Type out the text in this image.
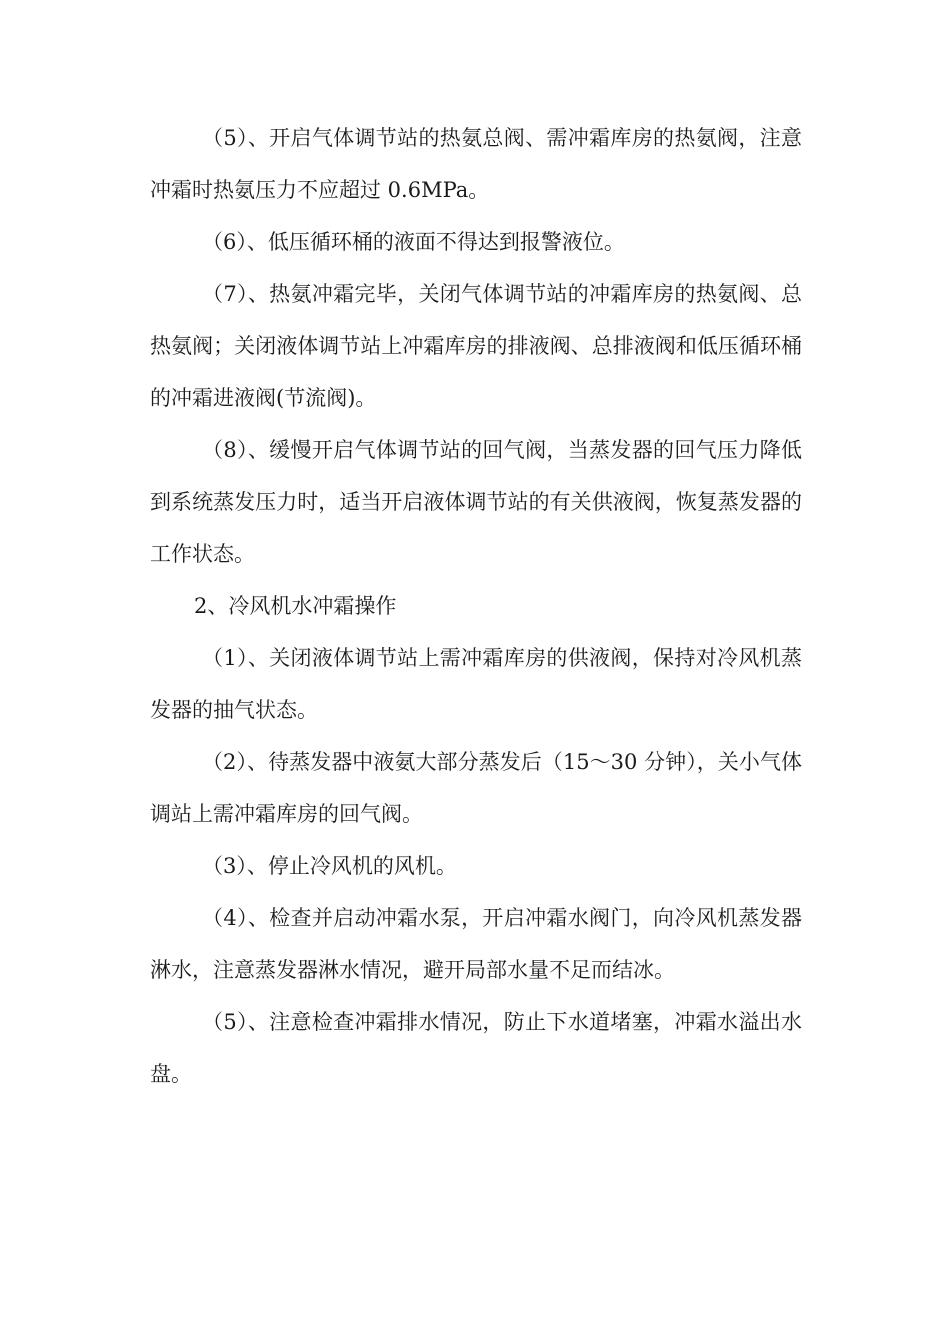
（5）、开启气体调节站的热氨总阀、需冲霜库房的热氨阀，注意冲霜时热氨压力不应超过 0.6MPa。

（6）、低压循环桶的液面不得达到报警液位。

（7）、热氨冲霜完毕，关闭气体调节站的冲霜库房的热氨阀、总热氨阀；关闭液体调节站上冲霜库房的排液阀、总排液阀和低压循环桶的冲霜进液阀(节流阀)。

（8）、缓慢开启气体调节站的回气阀，当蒸发器的回气压力降低到系统蒸发压力时，适当开启液体调节站的有关供液阀，恢复蒸发器的工作状态。

2、冷风机水冲霜操作

（1）、关闭液体调节站上需冲霜库房的供液阀，保持对冷风机蒸发器的抽气状态。

（2）、待蒸发器中液氨大部分蒸发后（15～30 分钟），关小气体调站上需冲霜库房的回气阀。

（3）、停止冷风机的风机。

（4）、检查并启动冲霜水泵，开启冲霜水阀门，向冷风机蒸发器淋水，注意蒸发器淋水情况，避开局部水量不足而结冰。

（5）、注意检查冲霜排水情况，防止下水道堵塞，冲霜水溢出水盘。
